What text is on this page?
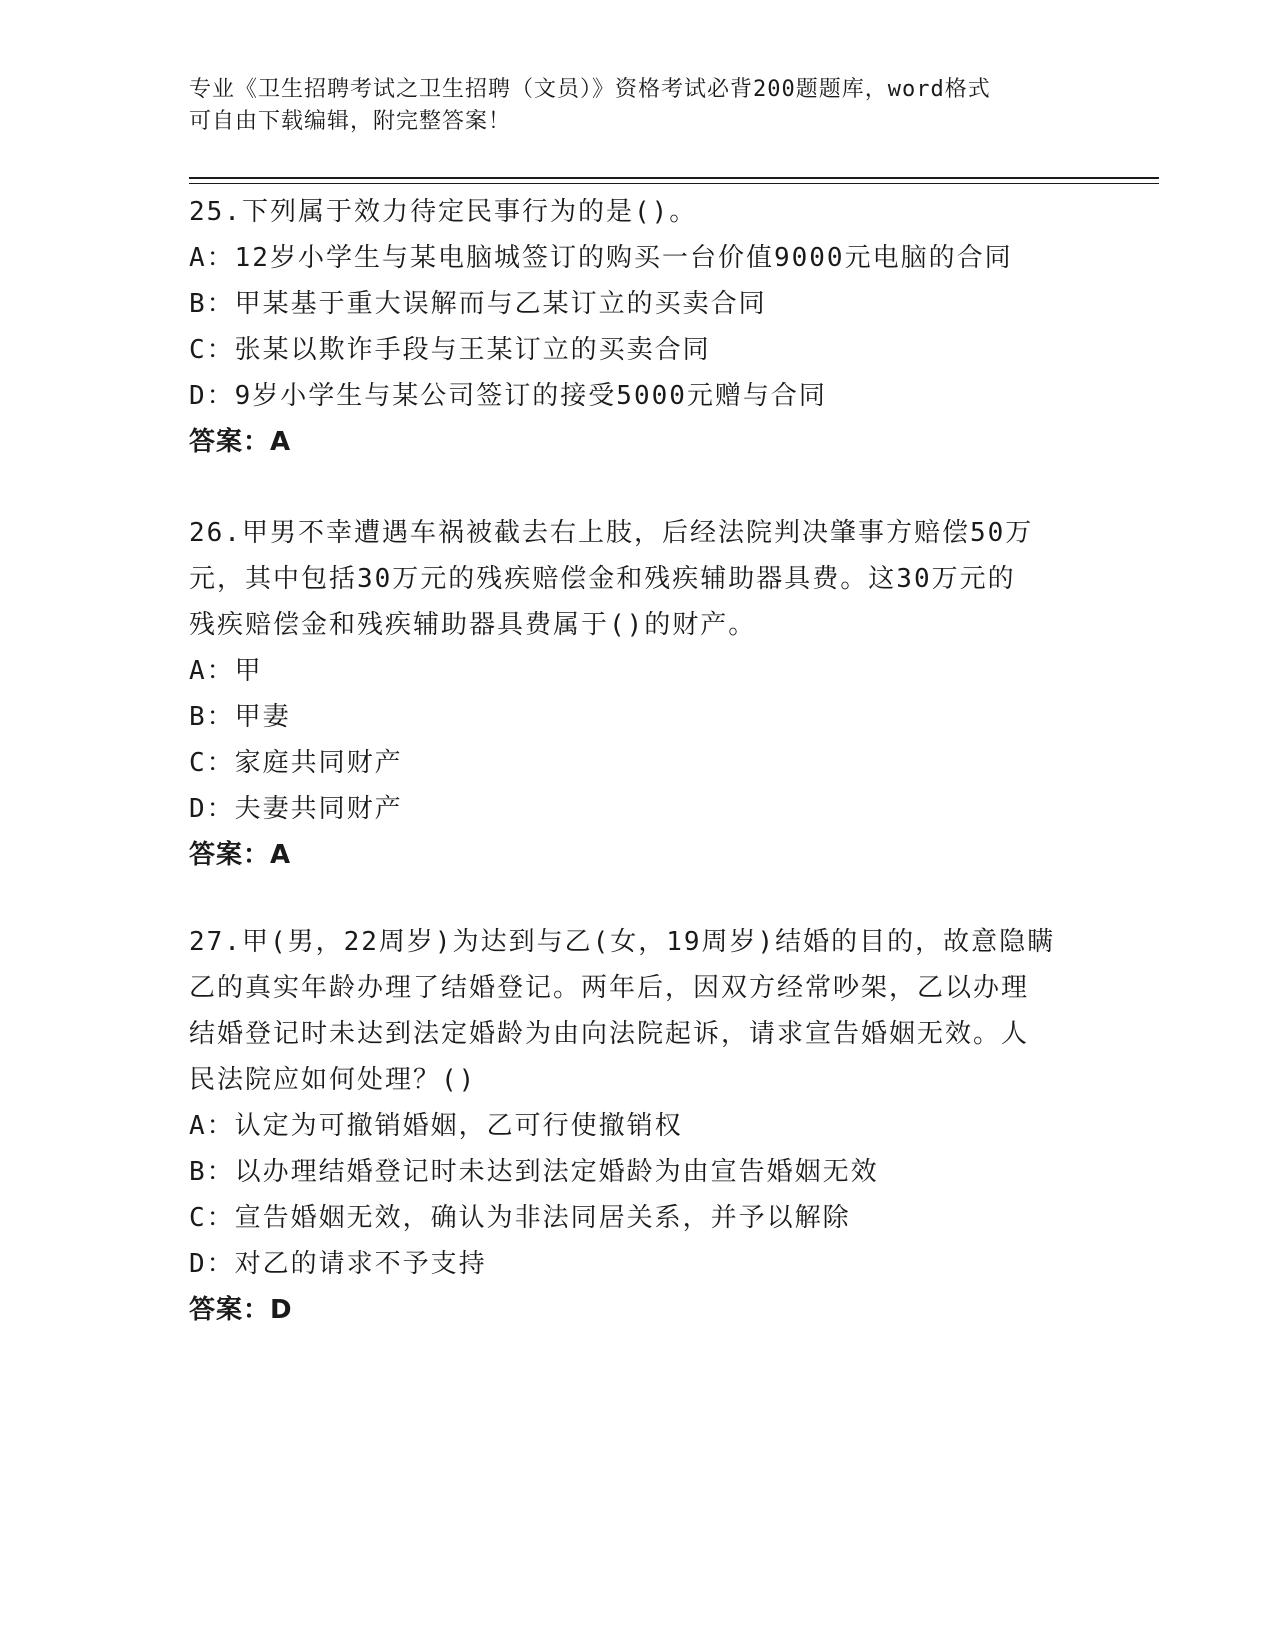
专业《卫生招聘考试之卫生招聘（文员）》资格考试必背200题题库，word格式
可自由下载编辑，附完整答案！
25.下列属于效力待定民事行为的是()。
A：12岁小学生与某电脑城签订的购买一台价值9000元电脑的合同
B：甲某基于重大误解而与乙某订立的买卖合同
C：张某以欺诈手段与王某订立的买卖合同
D：9岁小学生与某公司签订的接受5000元赠与合同
答案：A
26.甲男不幸遭遇车祸被截去右上肢，后经法院判决肇事方赔偿50万
元，其中包括30万元的残疾赔偿金和残疾辅助器具费。这30万元的
残疾赔偿金和残疾辅助器具费属于()的财产。
A：甲
B：甲妻
C：家庭共同财产
D：夫妻共同财产
答案：A
27.甲(男，22周岁)为达到与乙(女，19周岁)结婚的目的，故意隐瞒
乙的真实年龄办理了结婚登记。两年后，因双方经常吵架，乙以办理
结婚登记时未达到法定婚龄为由向法院起诉，请求宣告婚姻无效。人
民法院应如何处理？()
A：认定为可撤销婚姻，乙可行使撤销权
B：以办理结婚登记时未达到法定婚龄为由宣告婚姻无效
C：宣告婚姻无效，确认为非法同居关系，并予以解除
D：对乙的请求不予支持
答案：D
